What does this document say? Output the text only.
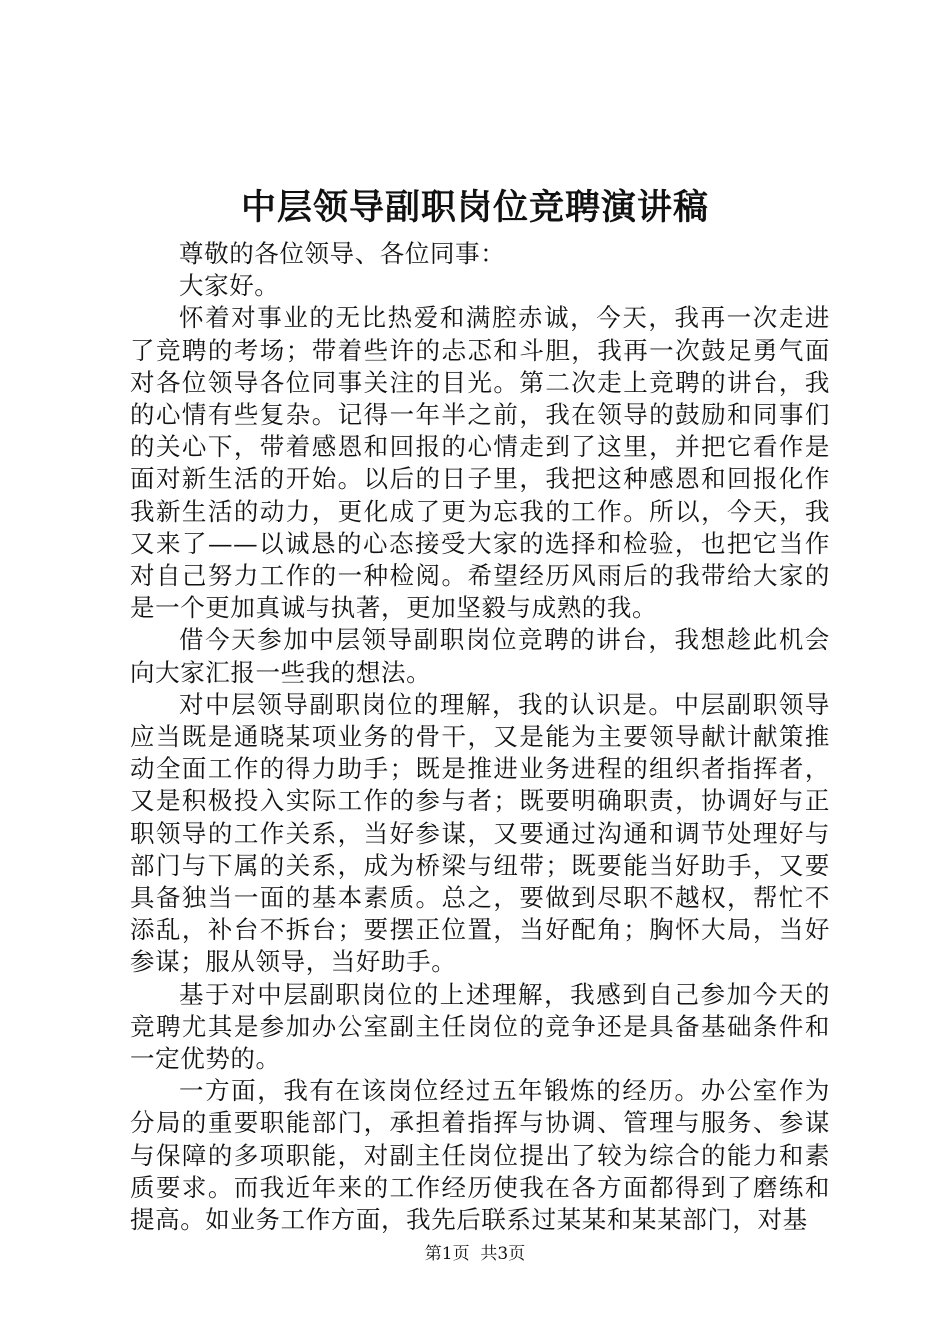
中层领导副职岗位竞聘演讲稿

尊敬的各位领导、各位同事：

大家好。

怀着对事业的无比热爱和满腔赤诚，今天，我再一次走进了竞聘的考场；带着些许的忐忑和斗胆，我再一次鼓足勇气面对各位领导各位同事关注的目光。第二次走上竞聘的讲台，我的心情有些复杂。记得一年半之前，我在领导的鼓励和同事们的关心下，带着感恩和回报的心情走到了这里，并把它看作是面对新生活的开始。以后的日子里，我把这种感恩和回报化作我新生活的动力，更化成了更为忘我的工作。所以，今天，我又来了——以诚恳的心态接受大家的选择和检验，也把它当作对自己努力工作的一种检阅。希望经历风雨后的我带给大家的是一个更加真诚与执著，更加坚毅与成熟的我。

借今天参加中层领导副职岗位竞聘的讲台，我想趁此机会向大家汇报一些我的想法。

对中层领导副职岗位的理解，我的认识是。中层副职领导应当既是通晓某项业务的骨干，又是能为主要领导献计献策推动全面工作的得力助手；既是推进业务进程的组织者指挥者，又是积极投入实际工作的参与者；既要明确职责，协调好与正职领导的工作关系，当好参谋，又要通过沟通和调节处理好与部门与下属的关系，成为桥梁与纽带；既要能当好助手，又要具备独当一面的基本素质。总之，要做到尽职不越权，帮忙不添乱，补台不拆台；要摆正位置，当好配角；胸怀大局，当好参谋；服从领导，当好助手。

基于对中层副职岗位的上述理解，我感到自己参加今天的竞聘尤其是参加办公室副主任岗位的竞争还是具备基础条件和一定优势的。

一方面，我有在该岗位经过五年锻炼的经历。办公室作为分局的重要职能部门，承担着指挥与协调、管理与服务、参谋与保障的多项职能，对副主任岗位提出了较为综合的能力和素质要求。而我近年来的工作经历使我在各方面都得到了磨练和提高。如业务工作方面，我先后联系过某某和某某部门，对基

第1页 共3页
